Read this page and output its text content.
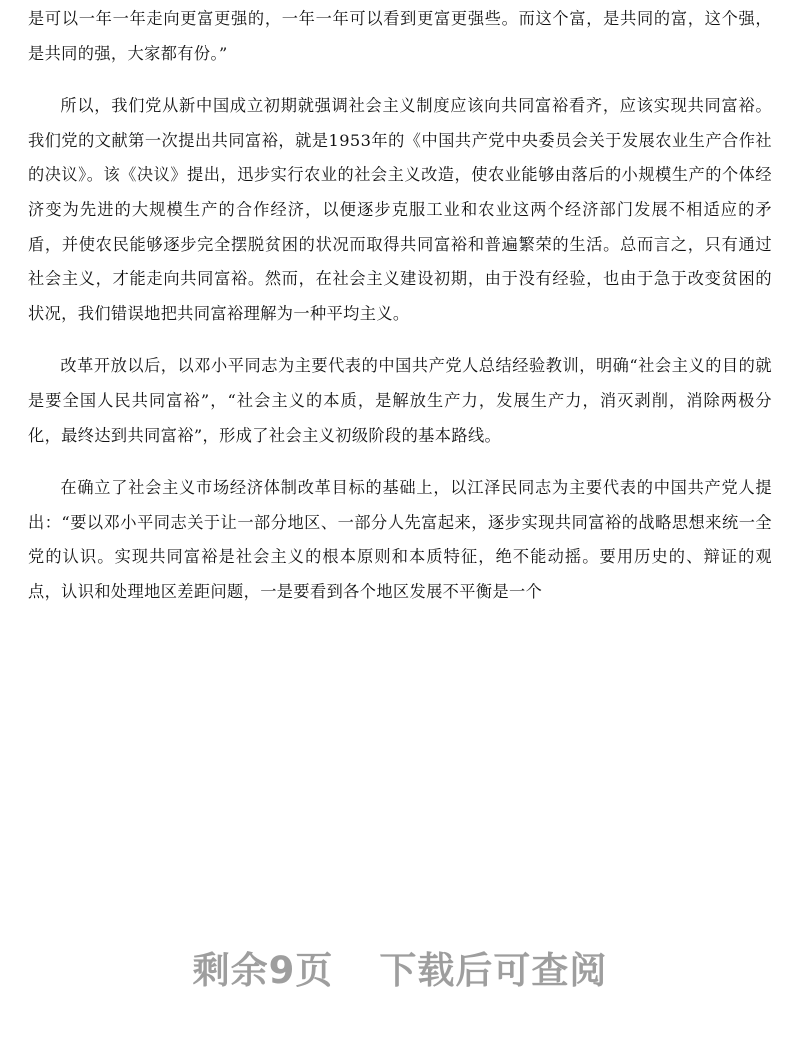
是可以一年一年走向更富更强的，一年一年可以看到更富更强些。而这个富，是共同的富，这个强，是共同的强，大家都有份。”

所以，我们党从新中国成立初期就强调社会主义制度应该向共同富裕看齐，应该实现共同富裕。我们党的文献第一次提出共同富裕，就是1953年的《中国共产党中央委员会关于发展农业生产合作社的决议》。该《决议》提出，迅步实行农业的社会主义改造，使农业能够由落后的小规模生产的个体经济变为先进的大规模生产的合作经济，以便逐步克服工业和农业这两个经济部门发展不相适应的矛盾，并使农民能够逐步完全摆脱贫困的状况而取得共同富裕和普遍繁荣的生活。总而言之，只有通过社会主义，才能走向共同富裕。然而，在社会主义建设初期，由于没有经验，也由于急于改变贫困的状况，我们错误地把共同富裕理解为一种平均主义。

改革开放以后，以邓小平同志为主要代表的中国共产党人总结经验教训，明确“社会主义的目的就是要全国人民共同富裕”，“社会主义的本质，是解放生产力，发展生产力，消灭剥削，消除两极分化，最终达到共同富裕”，形成了社会主义初级阶段的基本路线。

在确立了社会主义市场经济体制改革目标的基础上，以江泽民同志为主要代表的中国共产党人提出：“要以邓小平同志关于让一部分地区、一部分人先富起来，逐步实现共同富裕的战略思想来统一全党的认识。实现共同富裕是社会主义的根本原则和本质特征，绝不能动摇。要用历史的、辩证的观点，认识和处理地区差距问题，一是要看到各个地区发展不平衡是一个

剩余9页 下载后可查阅
